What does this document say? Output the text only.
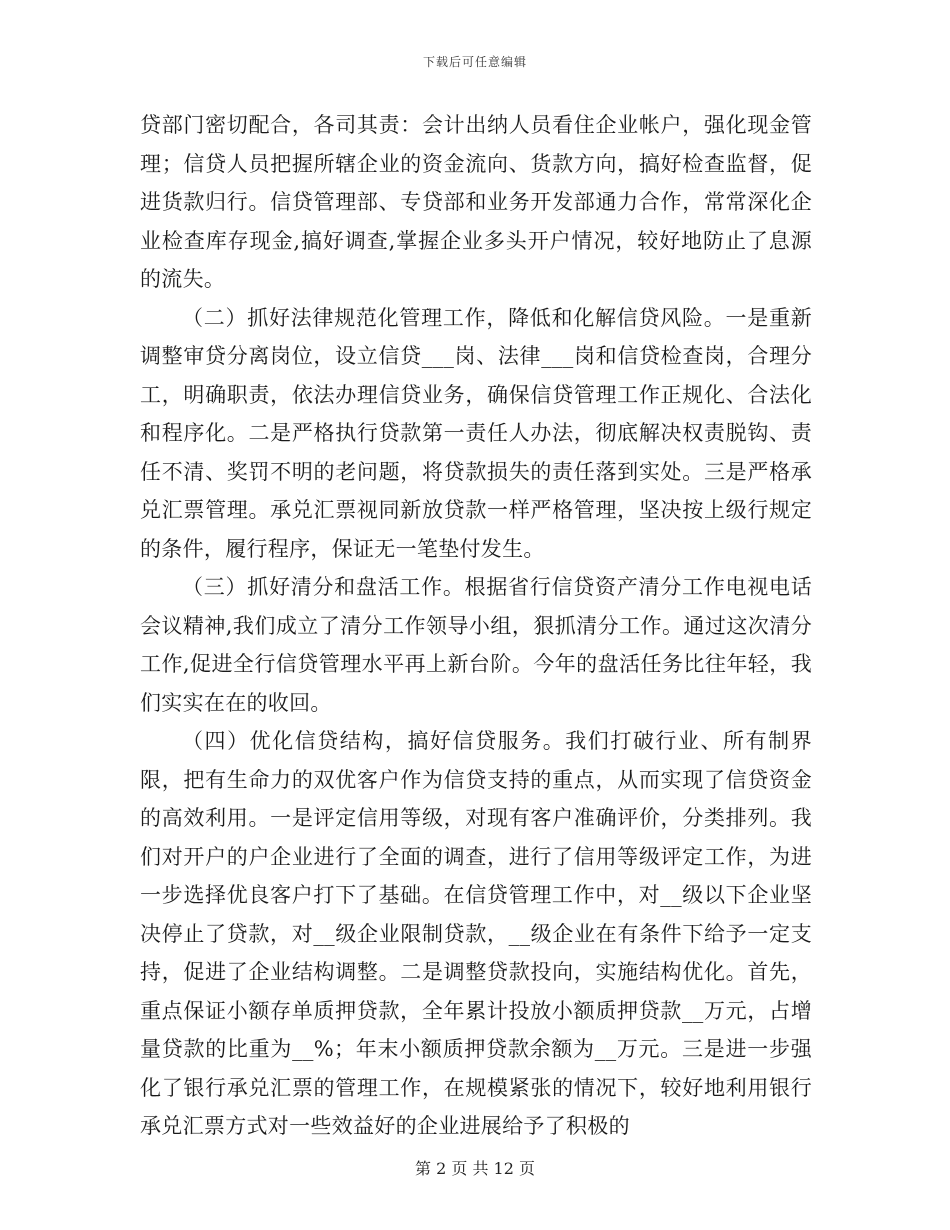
下载后可任意编辑

贷部门密切配合，各司其责：会计出纳人员看住企业帐户，强化现金管理；信贷人员把握所辖企业的资金流向、货款方向，搞好检查监督，促进货款归行。信贷管理部、专贷部和业务开发部通力合作，常常深化企业检查库存现金,搞好调查,掌握企业多头开户情况，较好地防止了息源的流失。

（二）抓好法律规范化管理工作，降低和化解信贷风险。一是重新调整审贷分离岗位，设立信贷___岗、法律___岗和信贷检查岗，合理分工，明确职责，依法办理信贷业务，确保信贷管理工作正规化、合法化和程序化。二是严格执行贷款第一责任人办法，彻底解决权责脱钩、责任不清、奖罚不明的老问题，将贷款损失的责任落到实处。三是严格承兑汇票管理。承兑汇票视同新放贷款一样严格管理，坚决按上级行规定的条件，履行程序，保证无一笔垫付发生。

（三）抓好清分和盘活工作。根据省行信贷资产清分工作电视电话会议精神,我们成立了清分工作领导小组，狠抓清分工作。通过这次清分工作,促进全行信贷管理水平再上新台阶。今年的盘活任务比往年轻，我们实实在在的收回。

（四）优化信贷结构，搞好信贷服务。我们打破行业、所有制界限，把有生命力的双优客户作为信贷支持的重点，从而实现了信贷资金的高效利用。一是评定信用等级，对现有客户准确评价，分类排列。我们对开户的户企业进行了全面的调查，进行了信用等级评定工作，为进一步选择优良客户打下了基础。在信贷管理工作中，对__级以下企业坚决停止了贷款，对__级企业限制贷款，__级企业在有条件下给予一定支持，促进了企业结构调整。二是调整贷款投向，实施结构优化。首先，重点保证小额存单质押贷款，全年累计投放小额质押贷款__万元，占增量贷款的比重为__%；年末小额质押贷款余额为__万元。三是进一步强化了银行承兑汇票的管理工作，在规模紧张的情况下，较好地利用银行承兑汇票方式对一些效益好的企业进展给予了积极的

第 2 页 共 12 页
